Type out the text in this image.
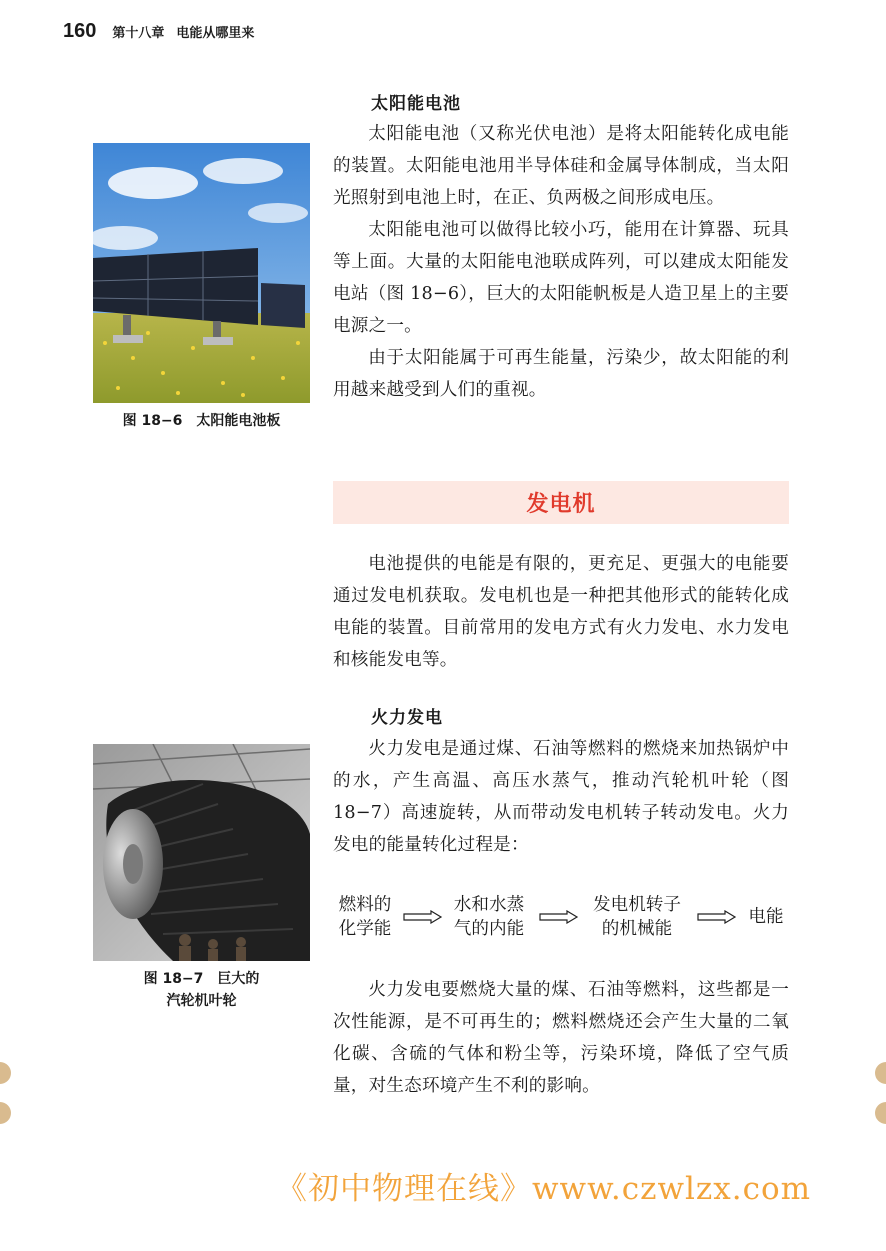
160 第十八章 电能从哪里来
图 18−6　太阳能电池板
太阳能电池

太阳能电池（又称光伏电池）是将太阳能转化成电能的装置。太阳能电池用半导体硅和金属导体制成，当太阳光照射到电池上时，在正、负两极之间形成电压。

太阳能电池可以做得比较小巧，能用在计算器、玩具等上面。大量的太阳能电池联成阵列，可以建成太阳能发电站（图 18−6），巨大的太阳能帆板是人造卫星上的主要电源之一。

由于太阳能属于可再生能量，污染少，故太阳能的利用越来越受到人们的重视。

发电机

电池提供的电能是有限的，更充足、更强大的电能要通过发电机获取。发电机也是一种把其他形式的能转化成电能的装置。目前常用的发电方式有火力发电、水力发电和核能发电等。

火力发电

火力发电是通过煤、石油等燃料的燃烧来加热锅炉中的水，产生高温、高压水蒸气，推动汽轮机叶轮（图 18−7）高速旋转，从而带动发电机转子转动发电。火力发电的能量转化过程是：

图 18−7　巨大的
汽轮机叶轮
燃料的
化学能
水和水蒸
气的内能
发电机转子
的机械能
电能

火力发电要燃烧大量的煤、石油等燃料，这些都是一次性能源，是不可再生的；燃料燃烧还会产生大量的二氧化碳、含硫的气体和粉尘等，污染环境，降低了空气质量，对生态环境产生不利的影响。

《初中物理在线》www.czwlzx.com
